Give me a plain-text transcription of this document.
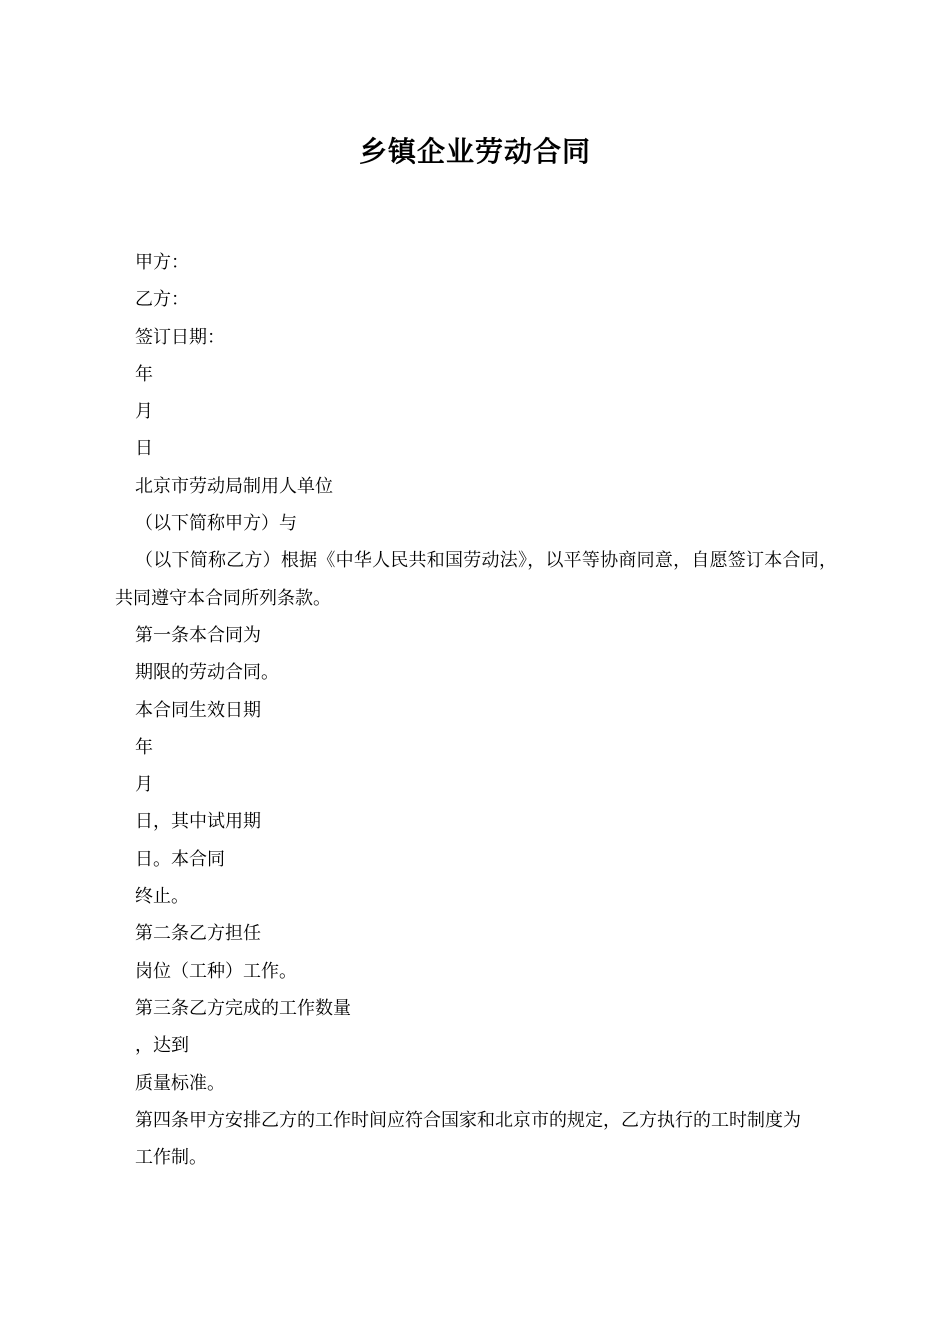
乡镇企业劳动合同

甲方：

乙方：

签订日期：

年

月

日

北京市劳动局制用人单位

（以下简称甲方）与

（以下简称乙方）根据《中华人民共和国劳动法》，以平等协商同意，自愿签订本合同，共同遵守本合同所列条款。

第一条本合同为

期限的劳动合同。

本合同生效日期

年

月

日，其中试用期

日。本合同

终止。

第二条乙方担任

岗位（工种）工作。

第三条乙方完成的工作数量

，达到

质量标准。

第四条甲方安排乙方的工作时间应符合国家和北京市的规定，乙方执行的工时制度为

工作制。
